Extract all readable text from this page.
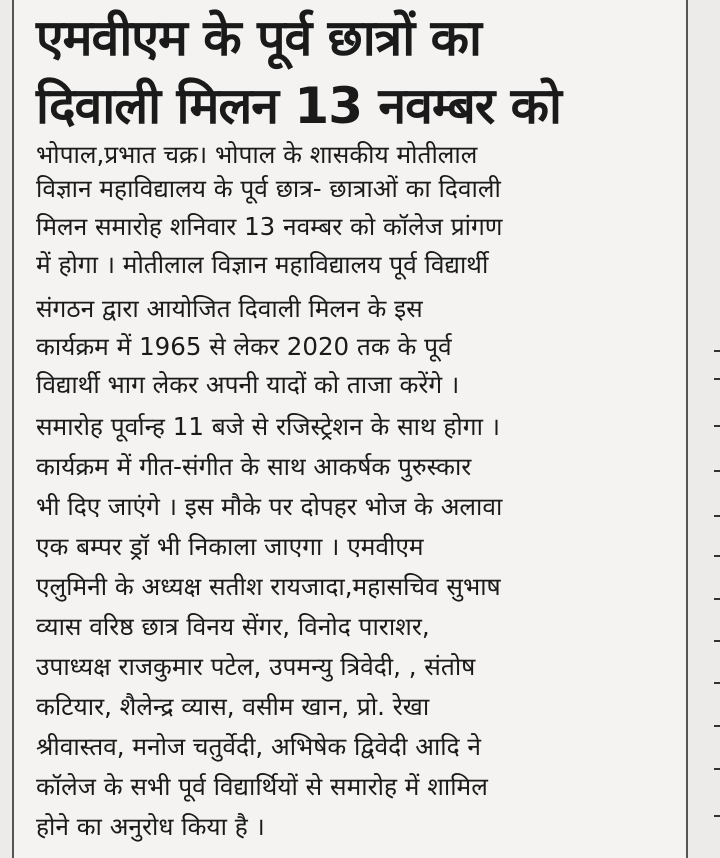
एमवीएम के पूर्व छात्रों का
दिवाली मिलन 13 नवम्बर को

भोपाल,प्रभात चक्र। भोपाल के शासकीय मोतीलाल

विज्ञान महाविद्यालय के पूर्व छात्र- छात्राओं का दिवाली

मिलन समारोह शनिवार 13 नवम्बर को कॉलेज प्रांगण

में होगा । मोतीलाल विज्ञान महाविद्यालय पूर्व विद्यार्थी

संगठन द्वारा आयोजित दिवाली मिलन के इस

कार्यक्रम में 1965 से लेकर 2020 तक के पूर्व

विद्यार्थी भाग लेकर अपनी यादों को ताजा करेंगे ।

समारोह पूर्वान्ह 11 बजे से रजिस्ट्रेशन के साथ होगा ।

कार्यक्रम में गीत-संगीत के साथ आकर्षक पुरुस्कार

भी दिए जाएंगे । इस मौके पर दोपहर भोज के अलावा

एक बम्पर ड्रॉ भी निकाला जाएगा । एमवीएम

एलुमिनी के अध्यक्ष सतीश रायजादा,महासचिव सुभाष

व्यास वरिष्ठ छात्र विनय सेंगर, विनोद पाराशर,

उपाध्यक्ष राजकुमार पटेल, उपमन्यु त्रिवेदी, , संतोष

कटियार, शैलेन्द्र व्यास, वसीम खान, प्रो. रेखा

श्रीवास्तव, मनोज चतुर्वेदी, अभिषेक द्विवेदी आदि ने

कॉलेज के सभी पूर्व विद्यार्थियों से समारोह में शामिल

होने का अनुरोध किया है ।
